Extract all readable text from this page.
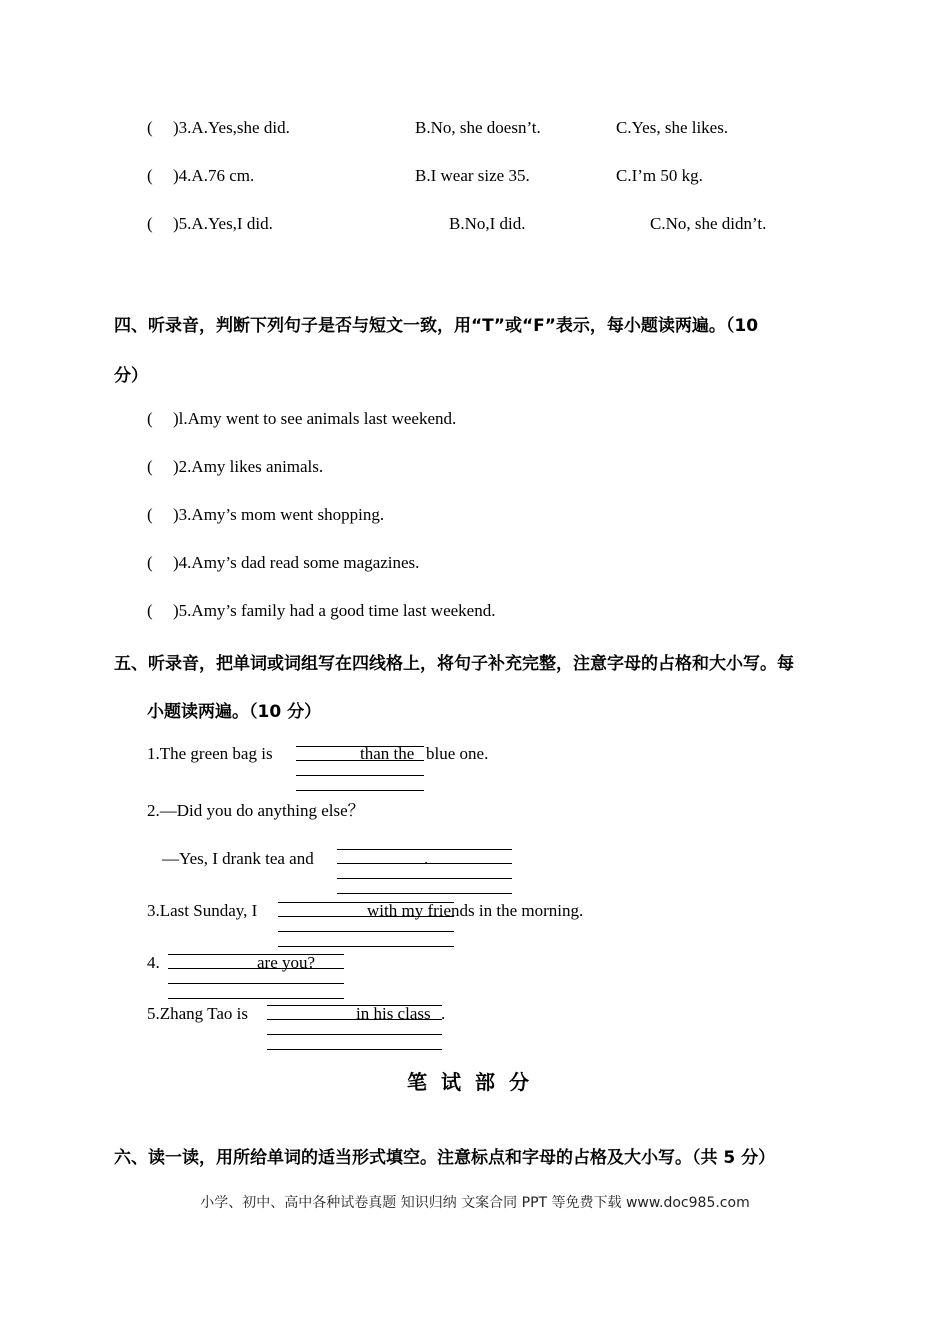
( )3.A.Yes,she did.	B.No, she doesn’t.	C.Yes, she likes.
( )4.A.76 cm.	B.I wear size 35.	C.I’m 50 kg.
( )5.A.Yes,I did.	B.No,I did.	C.No, she didn’t.
四、听录音，判断下列句子是否与短文一致，用“T”或“F”表示，每小题读两遍。（10
分）
( )l.Amy went to see animals last weekend.
( )2.Amy likes animals.
( )3.Amy’s mom went shopping.
( )4.Amy’s dad read some magazines.
( )5.Amy’s family had a good time last weekend.
五、听录音，把单词或词组写在四线格上，将句子补充完整，注意字母的占格和大小写。每
小题读两遍。（10 分）
1.The green bag is	than the blue one.
2.—Did you do anything else？
—Yes, I drank tea and	.
3.Last Sunday, I	with my friends in the morning.
4.	are you?
5.Zhang Tao is	in his class .
笔试部分
六、读一读，用所给单词的适当形式填空。注意标点和字母的占格及大小写。（共 5 分）
小学、初中、高中各种试卷真题 知识归纳 文案合同 PPT 等免费下载 www.doc985.com
